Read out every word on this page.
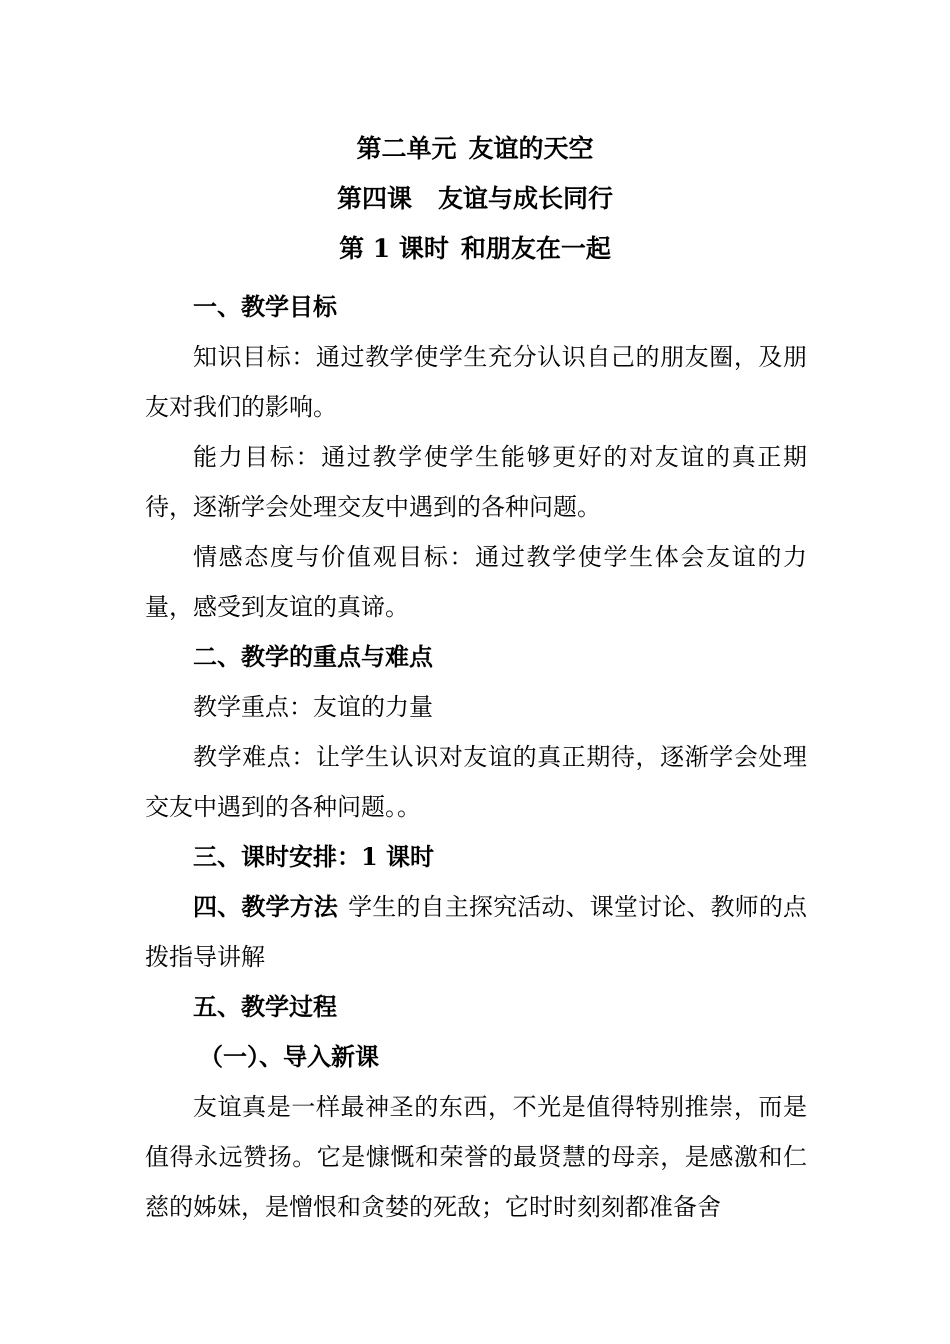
第二单元 友谊的天空
第四课 友谊与成长同行
第 1 课时 和朋友在一起

一、教学目标

知识目标：通过教学使学生充分认识自己的朋友圈，及朋友对我们的影响。

能力目标：通过教学使学生能够更好的对友谊的真正期待，逐渐学会处理交友中遇到的各种问题。

情感态度与价值观目标：通过教学使学生体会友谊的力量，感受到友谊的真谛。

二、教学的重点与难点

教学重点：友谊的力量

教学难点：让学生认识对友谊的真正期待，逐渐学会处理交友中遇到的各种问题。。

三、课时安排：1 课时

四、教学方法 学生的自主探究活动、课堂讨论、教师的点拨指导讲解

五、教学过程

（一）、导入新课

友谊真是一样最神圣的东西，不光是值得特别推崇，而是值得永远赞扬。它是慷慨和荣誉的最贤慧的母亲，是感激和仁慈的姊妹，是憎恨和贪婪的死敌；它时时刻刻都准备舍
